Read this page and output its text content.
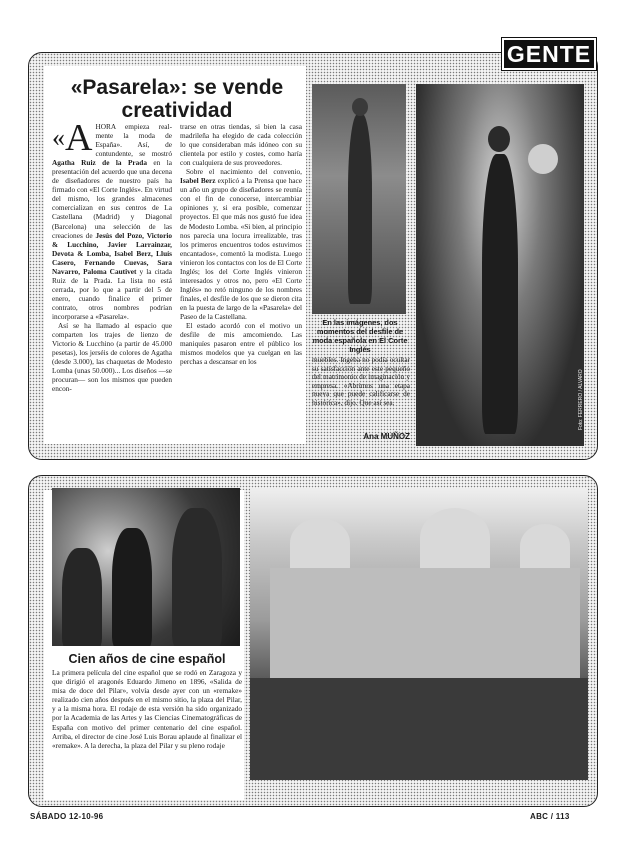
GENTE
«Pasarela»: se vende
creatividad

«A HORA empieza real-mente la moda de España». Así, de contundente, se mostró Agatha Ruiz de la Prada en la presentación del acuerdo que una decena de diseñadores de nuestro país ha firmado con «El Corte Inglés». En virtud del mismo, los grandes almacenes comercializan en sus centros de La Castellana (Madrid) y Diagonal (Barcelona) una selección de las creaciones de Jesús del Pozo, Victorio & Lucchino, Javier Larrainzar, Devota & Lomba, Isabel Berz, Lluís Casero, Fernando Cuevas, Sara Navarro, Paloma Cautivet y la citada Ruiz de la Prada. La lista no está cerrada, por lo que a partir del 5 de enero, cuando finalice el primer contrato, otros nombres podrían incorporarse a «Pasarela».

Así se ha llamado al espacio que comparten los trajes de lienzo de Victorio & Lucchino (a partir de 45.000 pesetas), los jerséis de colores de Agatha (desde 3.000), las chaquetas de Modesto Lomba (unas 50.000)... Los diseños —se procuran— son los mismos que pueden encon-

trarse en otras tiendas, si bien la casa madrileña ha elegido de cada colección lo que consideraban más idóneo con su clientela por estilo y costes, como haría con cualquiera de sus proveedores.

Sobre el nacimiento del convenio, Isabel Berz explicó a la Prensa que hace un año un grupo de diseñadores se reunía con el fin de conocerse, intercambiar opiniones y, si era posible, comenzar proyectos. El que más nos gustó fue idea de Modesto Lomba. «Si bien, al principio nos parecía una locura irrealizable, tras los primeros encuentros todos estuvimos encantados», comentó la modista. Luego vinieron los contactos con los de El Corte Inglés; los del Corte Inglés vinieron interesados y otros no, pero «El Corte Inglés» no retó ninguno de los nombres finales, el desfile de los que se dieron cita en la puesta de largo de la «Pasarela» del Paseo de la Castellana.

El estado acordó con el motivo un desfile de mis amcomiendo. Las maniquíes pasaron entre el público los mismos modelos que ya cuelgan en las perchas a descansar en los

En las imágenes, dos momentos del desfile de moda española en El Corte Inglés
muebles. Ingeba no podía ocultar su satisfacción ante este pequeño del matrimonio de imaginación y empresa. «Abrimos una etapa nueva que puede calificarse de histórica», dijo. Que así sea.
Ana MUÑOZ
Foto: FERRERO / ALVARO
Cien años de cine español

La primera película del cine español que se rodó en Zaragoza y que dirigió el aragonés Eduardo Jimeno en 1896, «Salida de misa de doce del Pilar», volvía desde ayer con un «remake» realizado cien años después en el mismo sitio, la plaza del Pilar, y a la misma hora. El rodaje de esta versión ha sido organizado por la Academia de las Artes y las Ciencias Cinematográficas de España con motivo del primer centenario del cine español. Arriba, el director de cine José Luis Borau aplaude al finalizar el «remake». A la derecha, la plaza del Pilar y su pleno rodaje

SÁBADO 12-10-96	ABC / 113
